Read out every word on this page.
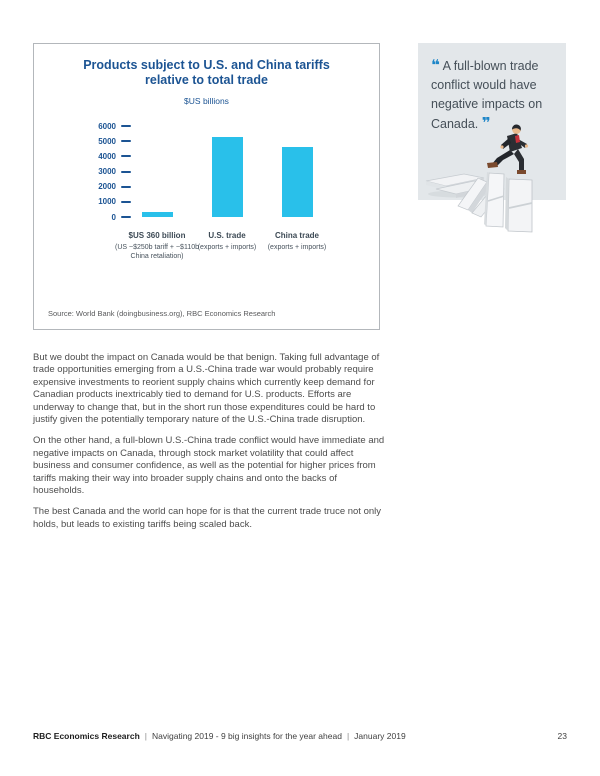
Products subject to U.S. and China tariffs
relative to total trade
$US billions
0
1000
2000
3000
4000
5000
6000
$US 360 billion
(US ~$250b tariff + ~$110b China retaliation)
U.S. trade
(exports + imports)
China trade
(exports + imports)
Source: World Bank (doingbusiness.org), RBC Economics Research
❝ A full-blown trade conflict would have negative impacts on Canada. ❞

But we doubt the impact on Canada would be that benign. Taking full advantage of trade opportunities emerging from a U.S.-China trade war would probably require expensive investments to reorient supply chains which currently keep demand for Canadian products inextricably tied to demand for U.S. products. Efforts are underway to change that, but in the short run those expenditures could be hard to justify given the potentially temporary nature of the U.S.-China trade disruption.

On the other hand, a full-blown U.S.-China trade conflict would have immediate and negative impacts on Canada, through stock market volatility that could affect business and consumer confidence, as well as the potential for higher prices from tariffs making their way into broader supply chains and onto the backs of households.

The best Canada and the world can hope for is that the current trade truce not only holds, but leads to existing tariffs being scaled back.

RBC Economics Research | Navigating 2019 - 9 big insights for the year ahead | January 2019	23
